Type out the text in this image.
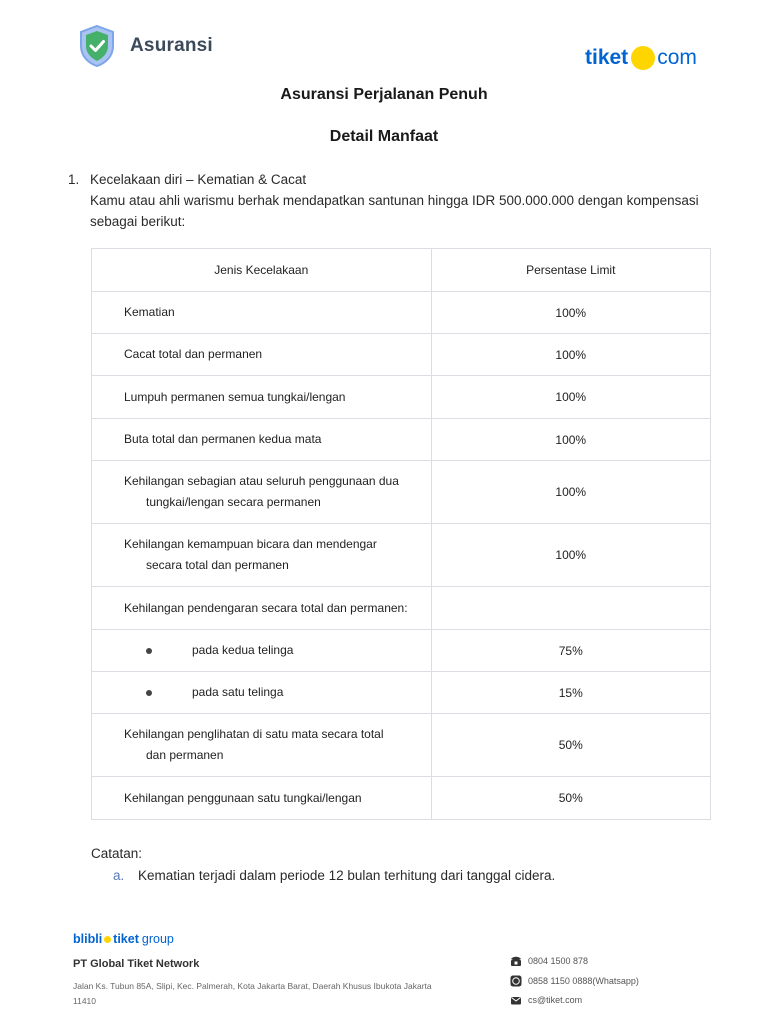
Asuransi
tiket com
Asuransi Perjalanan Penuh
Detail Manfaat
1. Kecelakaan diri – Kematian & Cacat
Kamu atau ahli warismu berhak mendapatkan santunan hingga IDR 500.000.000 dengan kompensasi sebagai berikut:
Jenis Kecelakaan	Persentase Limit
Kematian	100%
Cacat total dan permanen	100%
Lumpuh permanen semua tungkai/lengan	100%
Buta total dan permanen kedua mata	100%
Kehilangan sebagian atau seluruh penggunaan dua
tungkai/lengan secara permanen	100%
Kehilangan kemampuan bicara dan mendengar
secara total dan permanen	100%
Kehilangan pendengaran secara total dan permanen:	

pada kedua telinga	75%

pada satu telinga	15%
Kehilangan penglihatan di satu mata secara total
dan permanen	50%
Kehilangan penggunaan satu tungkai/lengan	50%
Catatan:
a. Kematian terjadi dalam periode 12 bulan terhitung dari tanggal cidera.
blibli tiket group
PT Global Tiket Network
Jalan Ks. Tubun 85A, Slipi, Kec. Palmerah, Kota Jakarta Barat, Daerah Khusus Ibukota Jakarta 11410
0804 1500 878
0858 1150 0888(Whatsapp)
cs@tiket.com
